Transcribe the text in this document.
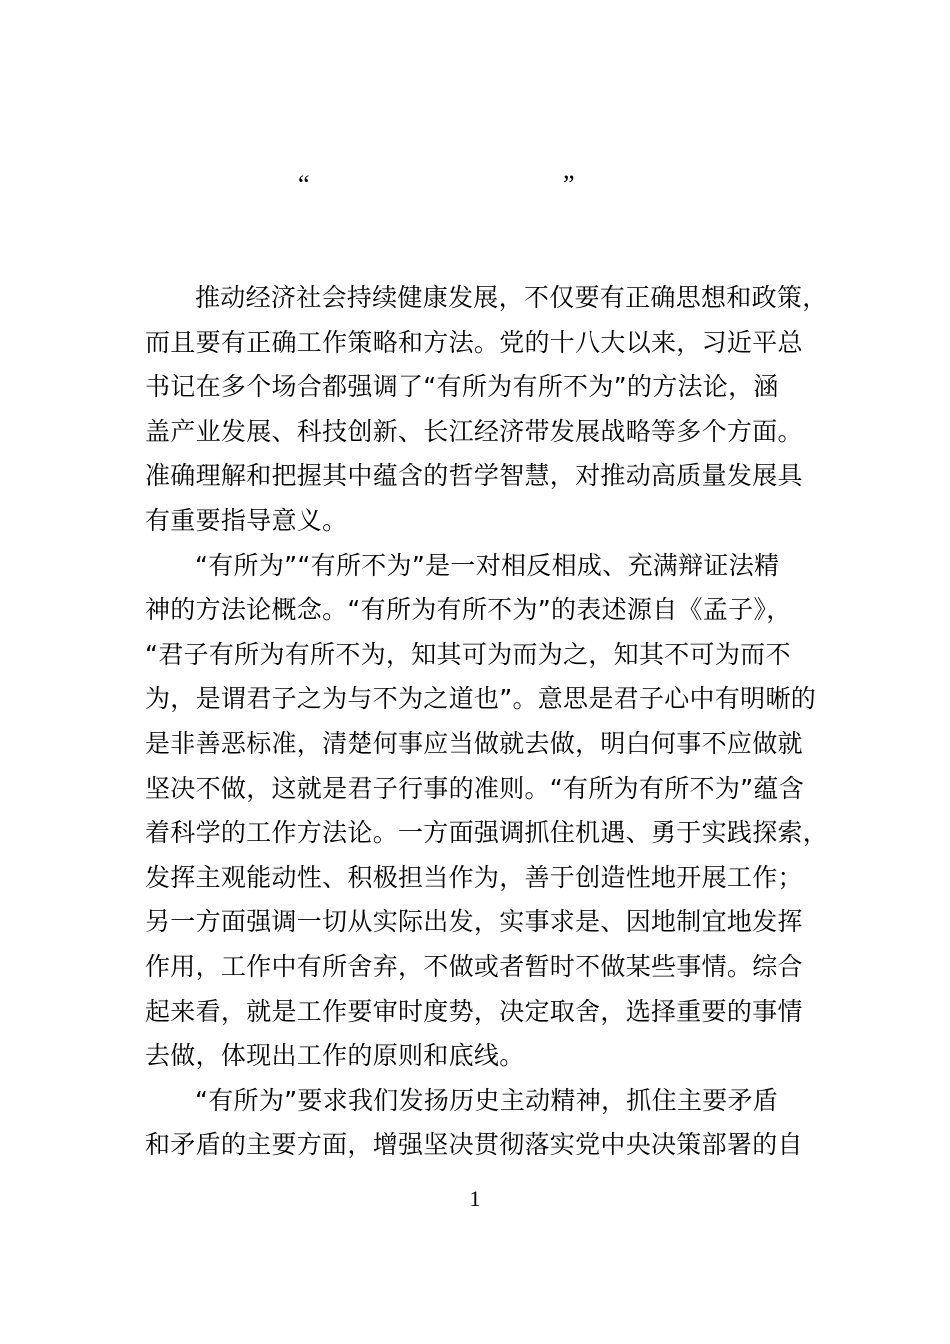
“	”
推动经济社会持续健康发展，不仅要有正确思想和政策，
而且要有正确工作策略和方法。党的十八大以来，习近平总
书记在多个场合都强调了“有所为有所不为”的方法论，涵
盖产业发展、科技创新、长江经济带发展战略等多个方面。
准确理解和把握其中蕴含的哲学智慧，对推动高质量发展具
有重要指导意义。
“有所为”“有所不为”是一对相反相成、充满辩证法精
神的方法论概念。“有所为有所不为”的表述源自《孟子》，
“君子有所为有所不为，知其可为而为之，知其不可为而不
为，是谓君子之为与不为之道也”。意思是君子心中有明晰的
是非善恶标准，清楚何事应当做就去做，明白何事不应做就
坚决不做，这就是君子行事的准则。“有所为有所不为”蕴含
着科学的工作方法论。一方面强调抓住机遇、勇于实践探索，
发挥主观能动性、积极担当作为，善于创造性地开展工作；
另一方面强调一切从实际出发，实事求是、因地制宜地发挥
作用，工作中有所舍弃，不做或者暂时不做某些事情。综合
起来看，就是工作要审时度势，决定取舍，选择重要的事情
去做，体现出工作的原则和底线。
“有所为”要求我们发扬历史主动精神，抓住主要矛盾
和矛盾的主要方面，增强坚决贯彻落实党中央决策部署的自
1
